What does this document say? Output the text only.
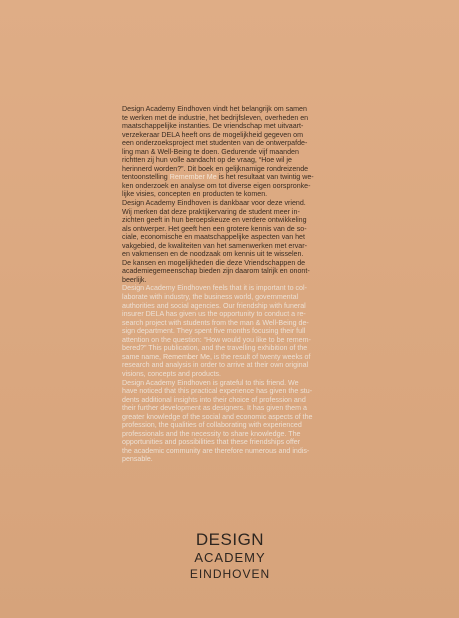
Design Academy Eindhoven vindt het belangrijk om samen
te werken met de industrie, het bedrijfsleven, overheden en
maatschappelijke instanties. De vriendschap met uitvaart-
verzekeraar DELA heeft ons de mogelijkheid gegeven om
een onderzoeksproject met studenten van de ontwerpafde-
ling man & Well-Being te doen. Gedurende vijf maanden
richtten zij hun volle aandacht op de vraag, “Hoe wil je
herinnerd worden?”. Dit boek en gelijknamige rondreizende
tentoonstelling Remember Me is het resultaat van twintig we-
ken onderzoek en analyse om tot diverse eigen oorspronke-
lijke visies, concepten en producten te komen.

Design Academy Eindhoven is dankbaar voor deze vriend.
Wij merken dat deze praktijkervaring de student meer in-
zichten geeft in hun beroepskeuze en verdere ontwikkeling
als ontwerper. Het geeft hen een grotere kennis van de so-
ciale, economische en maatschappelijke aspecten van het
vakgebied, de kwaliteiten van het samenwerken met ervar-
en vakmensen en de noodzaak om kennis uit te wisselen.
De kansen en mogelijkheden die deze Vriendschappen de
academiegemeenschap bieden zijn daarom talrijk en onont-
beerlijk.

Design Academy Eindhoven feels that it is important to col-
laborate with industry, the business world, governmental
authorities and social agencies. Our friendship with funeral
insurer DELA has given us the opportunity to conduct a re-
search project with students from the man & Well-Being de-
sign department. They spent five months focusing their full
attention on the question: “How would you like to be remem-
bered?” This publication, and the travelling exhibition of the
same name, Remember Me, is the result of twenty weeks of
research and analysis in order to arrive at their own original
visions, concepts and products.

Design Academy Eindhoven is grateful to this friend. We
have noticed that this practical experience has given the stu-
dents additional insights into their choice of profession and
their further development as designers. It has given them a
greater knowledge of the social and economic aspects of the
profession, the qualities of collaborating with experienced
professionals and the necessity to share knowledge. The
opportunities and possibilities that these friendships offer
the academic community are therefore numerous and indis-
pensable.

DESIGN
ACADEMY
EINDHOVEN
